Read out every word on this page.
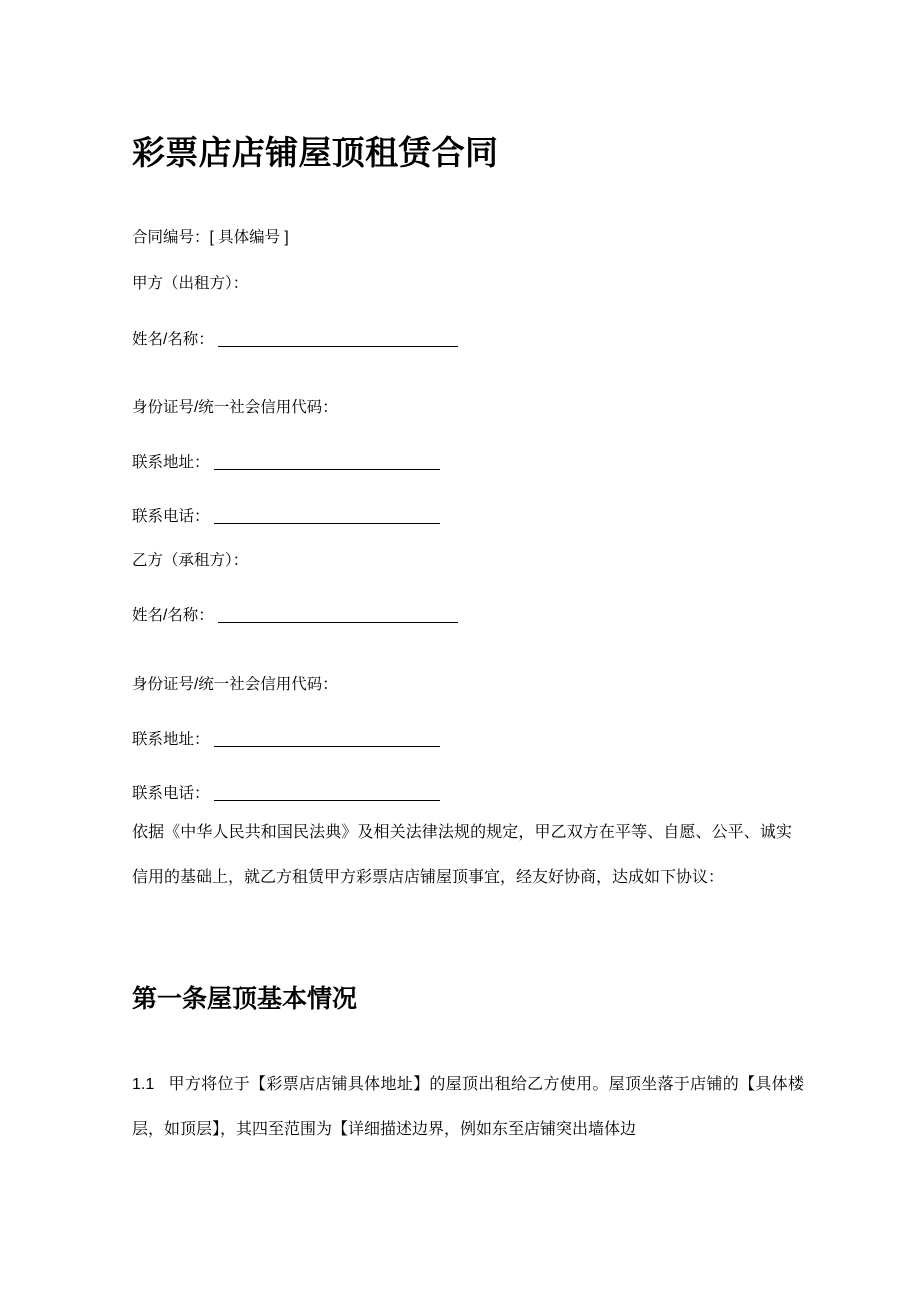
彩票店店铺屋顶租赁合同
合同编号：[ 具体编号 ]
甲方（出租方）：
姓名/名称：
身份证号/统一社会信用代码：
联系地址：
联系电话：
乙方（承租方）：
姓名/名称：
身份证号/统一社会信用代码：
联系地址：
联系电话：

依据《中华人民共和国民法典》及相关法律法规的规定，甲乙双方在平等、自愿、公平、诚实信用的基础上，就乙方租赁甲方彩票店店铺屋顶事宜，经友好协商，达成如下协议：

第一条屋顶基本情况

1.1 甲方将位于【彩票店店铺具体地址】的屋顶出租给乙方使用。屋顶坐落于店铺的【具体楼层，如顶层】，其四至范围为【详细描述边界，例如东至店铺突出墙体边
